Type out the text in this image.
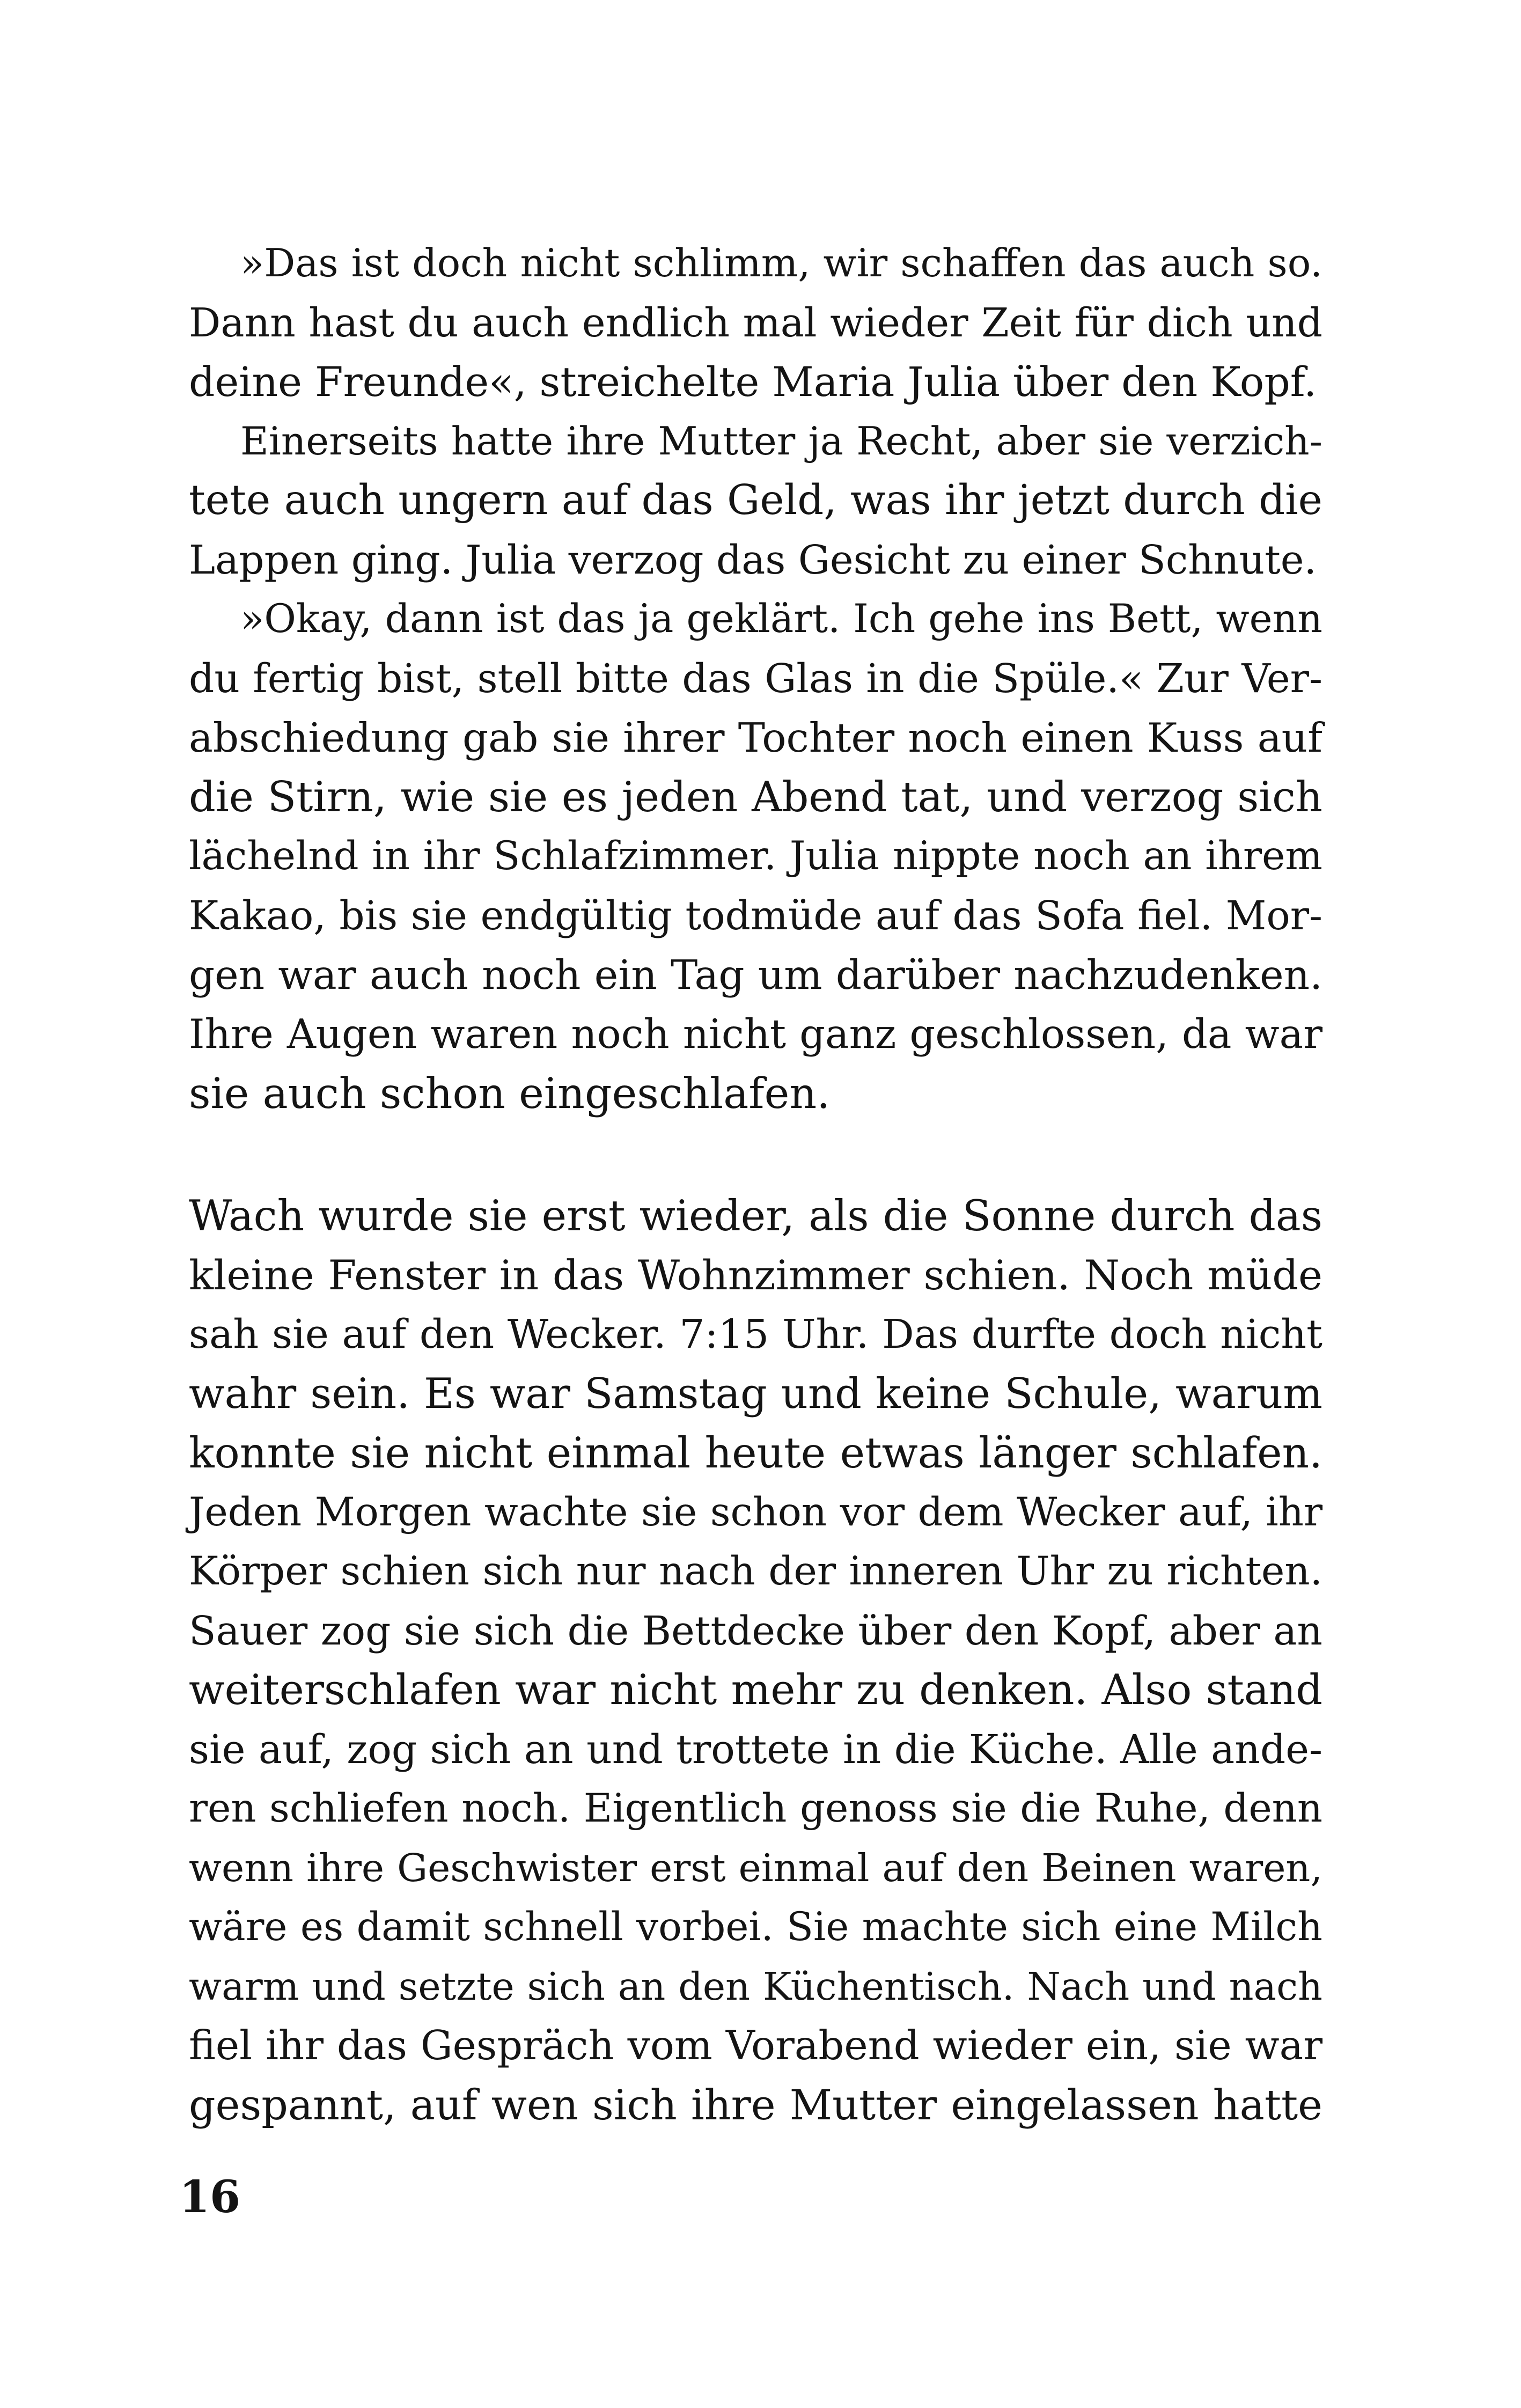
»Das ist doch nicht schlimm, wir schaffen das auch so.
Dann hast du auch endlich mal wieder Zeit für dich und
deine Freunde«, streichelte Maria Julia über den Kopf.
Einerseits hatte ihre Mutter ja Recht, aber sie verzich-
tete auch ungern auf das Geld, was ihr jetzt durch die
Lappen ging. Julia verzog das Gesicht zu einer Schnute.
»Okay, dann ist das ja geklärt. Ich gehe ins Bett, wenn
du fertig bist, stell bitte das Glas in die Spüle.« Zur Ver-
abschiedung gab sie ihrer Tochter noch einen Kuss auf
die Stirn, wie sie es jeden Abend tat, und verzog sich
lächelnd in ihr Schlafzimmer. Julia nippte noch an ihrem
Kakao, bis sie endgültig todmüde auf das Sofa fiel. Mor-
gen war auch noch ein Tag um darüber nachzudenken.
Ihre Augen waren noch nicht ganz geschlossen, da war
sie auch schon eingeschlafen.
Wach wurde sie erst wieder, als die Sonne durch das
kleine Fenster in das Wohnzimmer schien. Noch müde
sah sie auf den Wecker. 7:15 Uhr. Das durfte doch nicht
wahr sein. Es war Samstag und keine Schule, warum
konnte sie nicht einmal heute etwas länger schlafen.
Jeden Morgen wachte sie schon vor dem Wecker auf, ihr
Körper schien sich nur nach der inneren Uhr zu richten.
Sauer zog sie sich die Bettdecke über den Kopf, aber an
weiterschlafen war nicht mehr zu denken. Also stand
sie auf, zog sich an und trottete in die Küche. Alle ande-
ren schliefen noch. Eigentlich genoss sie die Ruhe, denn
wenn ihre Geschwister erst einmal auf den Beinen waren,
wäre es damit schnell vorbei. Sie machte sich eine Milch
warm und setzte sich an den Küchentisch. Nach und nach
fiel ihr das Gespräch vom Vorabend wieder ein, sie war
gespannt, auf wen sich ihre Mutter eingelassen hatte
16
